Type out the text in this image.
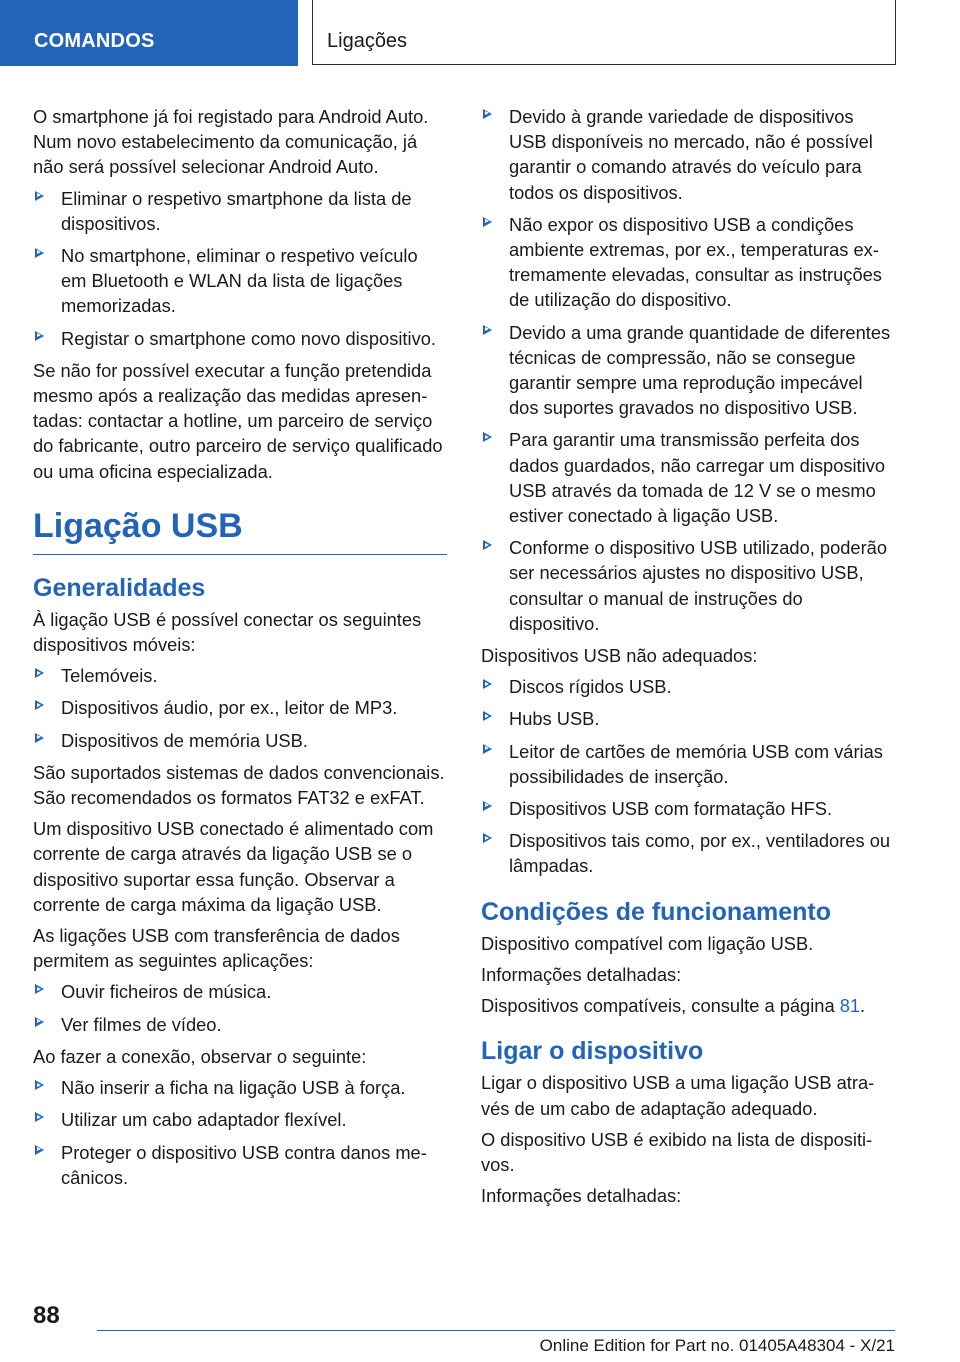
COMANDOS	Ligações

O smartphone já foi registado para Android Auto. Num novo estabelecimento da comunicação, já não será possível selecionar Android Auto.

Eliminar o respetivo smartphone da lista de dispositivos.
No smartphone, eliminar o respetivo veículo em Bluetooth e WLAN da lista de ligações memorizadas.
Registar o smartphone como novo dispositivo.

Se não for possível executar a função pretendida mesmo após a realização das medidas apresentadas: contactar a hotline, um parceiro de serviço do fabricante, outro parceiro de serviço qualificado ou uma oficina especializada.

Ligação USB
Generalidades

À ligação USB é possível conectar os seguintes dispositivos móveis:

Telemóveis.
Dispositivos áudio, por ex., leitor de MP3.
Dispositivos de memória USB.

São suportados sistemas de dados convencionais. São recomendados os formatos FAT32 e exFAT.

Um dispositivo USB conectado é alimentado com corrente de carga através da ligação USB se o dispositivo suportar essa função. Observar a corrente de carga máxima da ligação USB.

As ligações USB com transferência de dados permitem as seguintes aplicações:

Ouvir ficheiros de música.
Ver filmes de vídeo.

Ao fazer a conexão, observar o seguinte:

Não inserir a ficha na ligação USB à força.
Utilizar um cabo adaptador flexível.
Proteger o dispositivo USB contra danos mecânicos.
Devido à grande variedade de dispositivos USB disponíveis no mercado, não é possível garantir o comando através do veículo para todos os dispositivos.
Não expor os dispositivo USB a condições ambiente extremas, por ex., temperaturas extremamente elevadas, consultar as instruções de utilização do dispositivo.
Devido a uma grande quantidade de diferentes técnicas de compressão, não se consegue garantir sempre uma reprodução impecável dos suportes gravados no dispositivo USB.
Para garantir uma transmissão perfeita dos dados guardados, não carregar um dispositivo USB através da tomada de 12 V se o mesmo estiver conectado à ligação USB.
Conforme o dispositivo USB utilizado, poderão ser necessários ajustes no dispositivo USB, consultar o manual de instruções do dispositivo.

Dispositivos USB não adequados:

Discos rígidos USB.
Hubs USB.
Leitor de cartões de memória USB com várias possibilidades de inserção.
Dispositivos USB com formatação HFS.
Dispositivos tais como, por ex., ventiladores ou lâmpadas.
Condições de funcionamento

Dispositivo compatível com ligação USB.

Informações detalhadas:

Dispositivos compatíveis, consulte a página 81.

Ligar o dispositivo

Ligar o dispositivo USB a uma ligação USB através de um cabo de adaptação adequado.

O dispositivo USB é exibido na lista de dispositivos.

Informações detalhadas:

88
Online Edition for Part no. 01405A48304 - X/21
